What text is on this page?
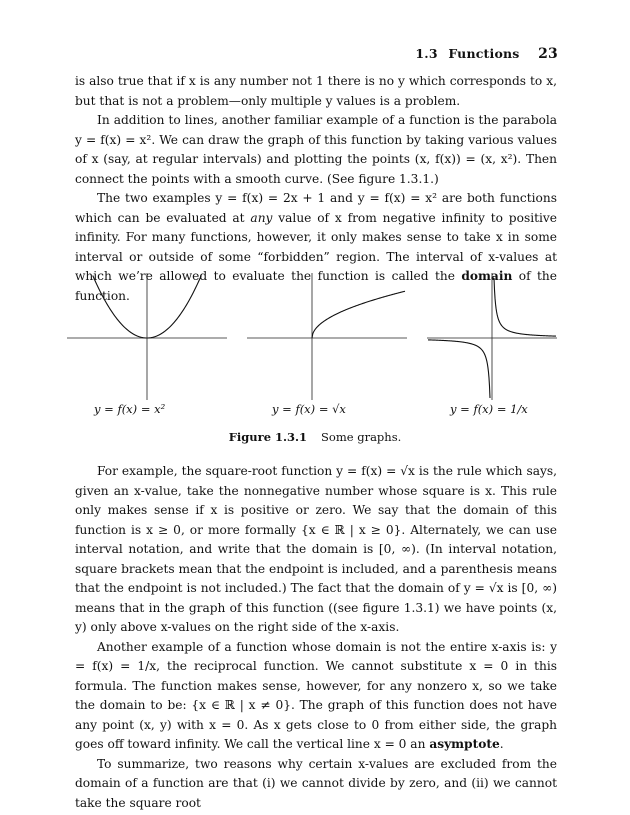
1.3 Functions 23

is also true that if x is any number not 1 there is no y which corresponds to x, but that is not a problem—only multiple y values is a problem.

In addition to lines, another familiar example of a function is the parabola y = f(x) = x². We can draw the graph of this function by taking various values of x (say, at regular intervals) and plotting the points (x, f(x)) = (x, x²). Then connect the points with a smooth curve. (See figure 1.3.1.)

The two examples y = f(x) = 2x + 1 and y = f(x) = x² are both functions which can be evaluated at any value of x from negative infinity to positive infinity. For many functions, however, it only makes sense to take x in some interval or outside of some “forbidden” region. The interval of x-values at which we’re allowed to evaluate the function is called the domain of the function.

y = f(x) = x²	y = f(x) = √x	y = f(x) = 1/x
Figure 1.3.1 Some graphs.

For example, the square-root function y = f(x) = √x is the rule which says, given an x-value, take the nonnegative number whose square is x. This rule only makes sense if x is positive or zero. We say that the domain of this function is x ≥ 0, or more formally {x ∈ ℝ | x ≥ 0}. Alternately, we can use interval notation, and write that the domain is [0, ∞). (In interval notation, square brackets mean that the endpoint is included, and a parenthesis means that the endpoint is not included.) The fact that the domain of y = √x is [0, ∞) means that in the graph of this function ((see figure 1.3.1) we have points (x, y) only above x-values on the right side of the x-axis.

Another example of a function whose domain is not the entire x-axis is: y = f(x) = 1/x, the reciprocal function. We cannot substitute x = 0 in this formula. The function makes sense, however, for any nonzero x, so we take the domain to be: {x ∈ ℝ | x ≠ 0}. The graph of this function does not have any point (x, y) with x = 0. As x gets close to 0 from either side, the graph goes off toward infinity. We call the vertical line x = 0 an asymptote.

To summarize, two reasons why certain x-values are excluded from the domain of a function are that (i) we cannot divide by zero, and (ii) we cannot take the square root
